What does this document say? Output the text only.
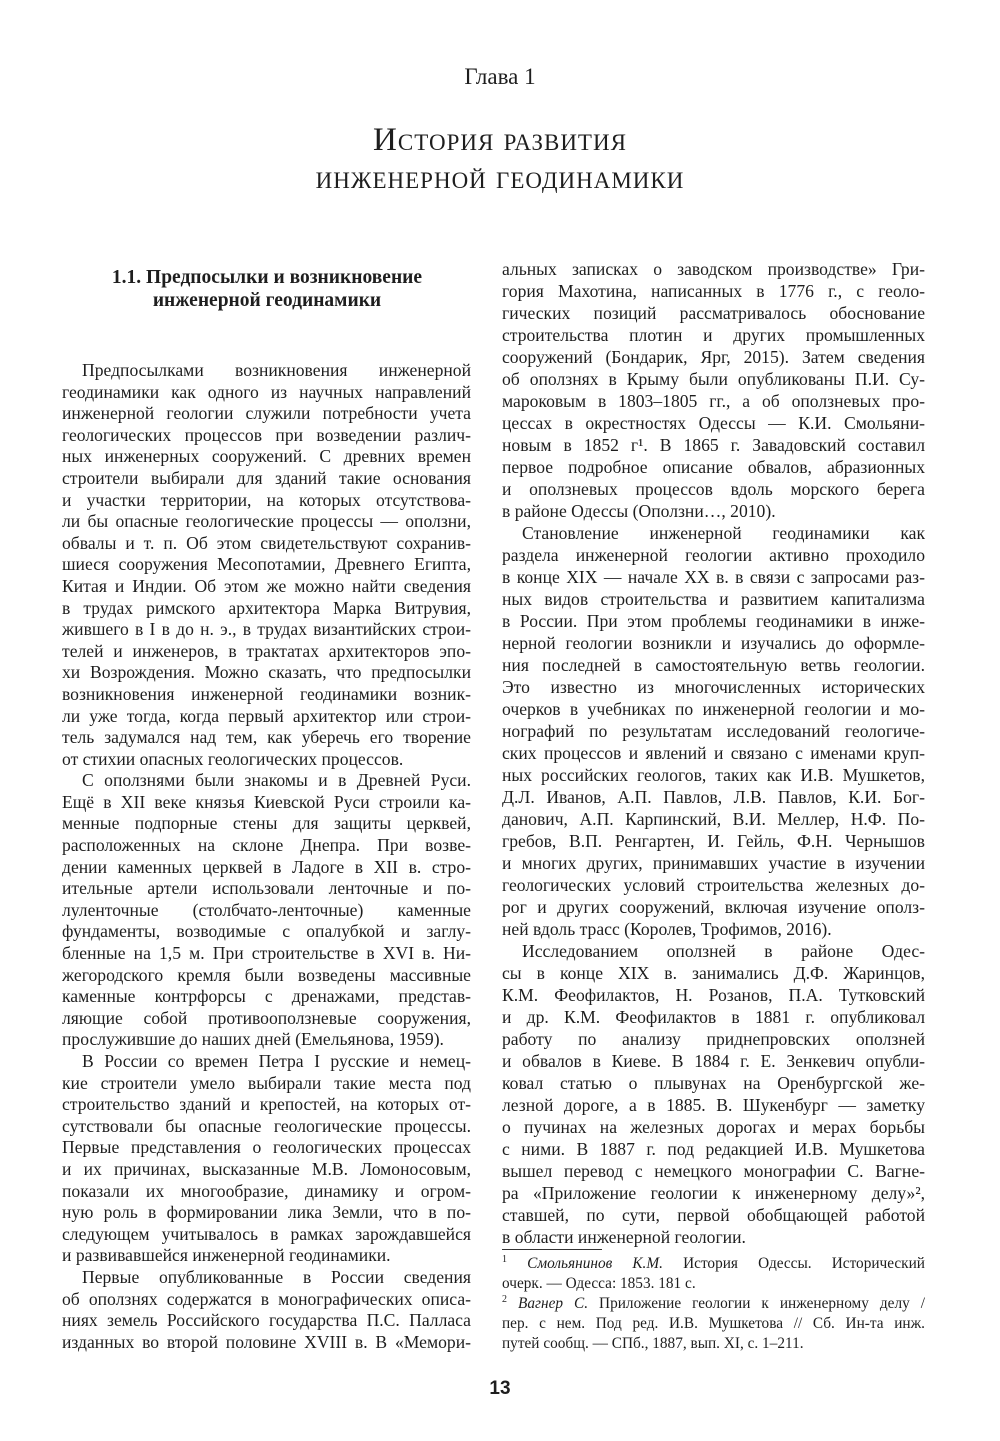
Глава 1
История развития
инженерной геодинамики
1.1. Предпосылки и возникновение
инженерной геодинамики
Предпосылками возникновения инженерной
геодинамики как одного из научных направлений
инженерной геологии служили потребности учета
геологических процессов при возведении различ-
ных инженерных сооружений. С древних времен
строители выбирали для зданий такие основания
и участки территории, на которых отсутствова-
ли бы опасные геологические процессы — оползни,
обвалы и т. п. Об этом свидетельствуют сохранив-
шиеся сооружения Месопотамии, Древнего Египта,
Китая и Индии. Об этом же можно найти сведения
в трудах римского архитектора Марка Витрувия,
жившего в I в до н. э., в трудах византийских строи-
телей и инженеров, в трактатах архитекторов эпо-
хи Возрождения. Можно сказать, что предпосылки
возникновения инженерной геодинамики возник-
ли уже тогда, когда первый архитектор или строи-
тель задумался над тем, как уберечь его творение
от стихии опасных геологических процессов.
С оползнями были знакомы и в Древней Руси.
Ещё в XII веке князья Киевской Руси строили ка-
менные подпорные стены для защиты церквей,
расположенных на склоне Днепра. При возве-
дении каменных церквей в Ладоге в XII в. стро-
ительные артели использовали ленточные и по-
луленточные (столбчато-ленточные) каменные
фундаменты, возводимые с опалубкой и заглу-
бленные на 1,5 м. При строительстве в XVI в. Ни-
жегородского кремля были возведены массивные
каменные контрфорсы с дренажами, представ-
ляющие собой противооползневые сооружения,
прослужившие до наших дней (Емельянова, 1959).
В России со времен Петра I русские и немец-
кие строители умело выбирали такие места под
строительство зданий и крепостей, на которых от-
сутствовали бы опасные геологические процессы.
Первые представления о геологических процессах
и их причинах, высказанные М.В. Ломоносовым,
показали их многообразие, динамику и огром-
ную роль в формировании лика Земли, что в по-
следующем учитывалось в рамках зарождавшейся
и развивавшейся инженерной геодинамики.
Первые опубликованные в России сведения
об оползнях содержатся в монографических описа-
ниях земель Российского государства П.С. Палласа
изданных во второй половине XVIII в. В «Мемори-
альных записках о заводском производстве» Гри-
гория Махотина, написанных в 1776 г., с геоло-
гических позиций рассматривалось обоснование
строительства плотин и других промышленных
сооружений (Бондарик, Ярг, 2015). Затем сведения
об оползнях в Крыму были опубликованы П.И. Су-
мароковым в 1803–1805 гг., а об оползневых про-
цессах в окрестностях Одессы — К.И. Смольяни-
новым в 1852 г¹. В 1865 г. Завадовский составил
первое подробное описание обвалов, абразионных
и оползневых процессов вдоль морского берега
в районе Одессы (Оползни…, 2010).
Становление инженерной геодинамики как
раздела инженерной геологии активно проходило
в конце XIX — начале XX в. в связи с запросами раз-
ных видов строительства и развитием капитализма
в России. При этом проблемы геодинамики в инже-
нерной геологии возникли и изучались до оформле-
ния последней в самостоятельную ветвь геологии.
Это известно из многочисленных исторических
очерков в учебниках по инженерной геологии и мо-
нографий по результатам исследований геологиче-
ских процессов и явлений и связано с именами круп-
ных российских геологов, таких как И.В. Мушкетов,
Д.Л. Иванов, А.П. Павлов, Л.В. Павлов, К.И. Бог-
данович, А.П. Карпинский, В.И. Меллер, Н.Ф. По-
гребов, В.П. Ренгартен, И. Гейль, Ф.Н. Чернышов
и многих других, принимавших участие в изучении
геологических условий строительства железных до-
рог и других сооружений, включая изучение ополз-
ней вдоль трасс (Королев, Трофимов, 2016).
Исследованием оползней в районе Одес-
сы в конце XIX в. занимались Д.Ф. Жаринцов,
К.М. Феофилактов, Н. Розанов, П.А. Тутковский
и др. К.М. Феофилактов в 1881 г. опубликовал
работу по анализу приднепровских оползней
и обвалов в Киеве. В 1884 г. Е. Зенкевич опубли-
ковал статью о плывунах на Оренбургской же-
лезной дороге, а в 1885. В. Шукенбург — заметку
о пучинах на железных дорогах и мерах борьбы
с ними. В 1887 г. под редакцией И.В. Мушкетова
вышел перевод с немецкого монографии С. Вагне-
ра «Приложение геологии к инженерному делу»²,
ставшей, по сути, первой обобщающей работой
в области инженерной геологии.
$^1$ Смольянинов К.М. История Одессы. Исторический
очерк. — Одесса: 1853. 181 с.
$^2$ Вагнер С. Приложение геологии к инженерному делу /
пер. с нем. Под ред. И.В. Мушкетова // Сб. Ин-та инж.
путей сообщ. — СПб., 1887, вып. XI, с. 1–211.
13
